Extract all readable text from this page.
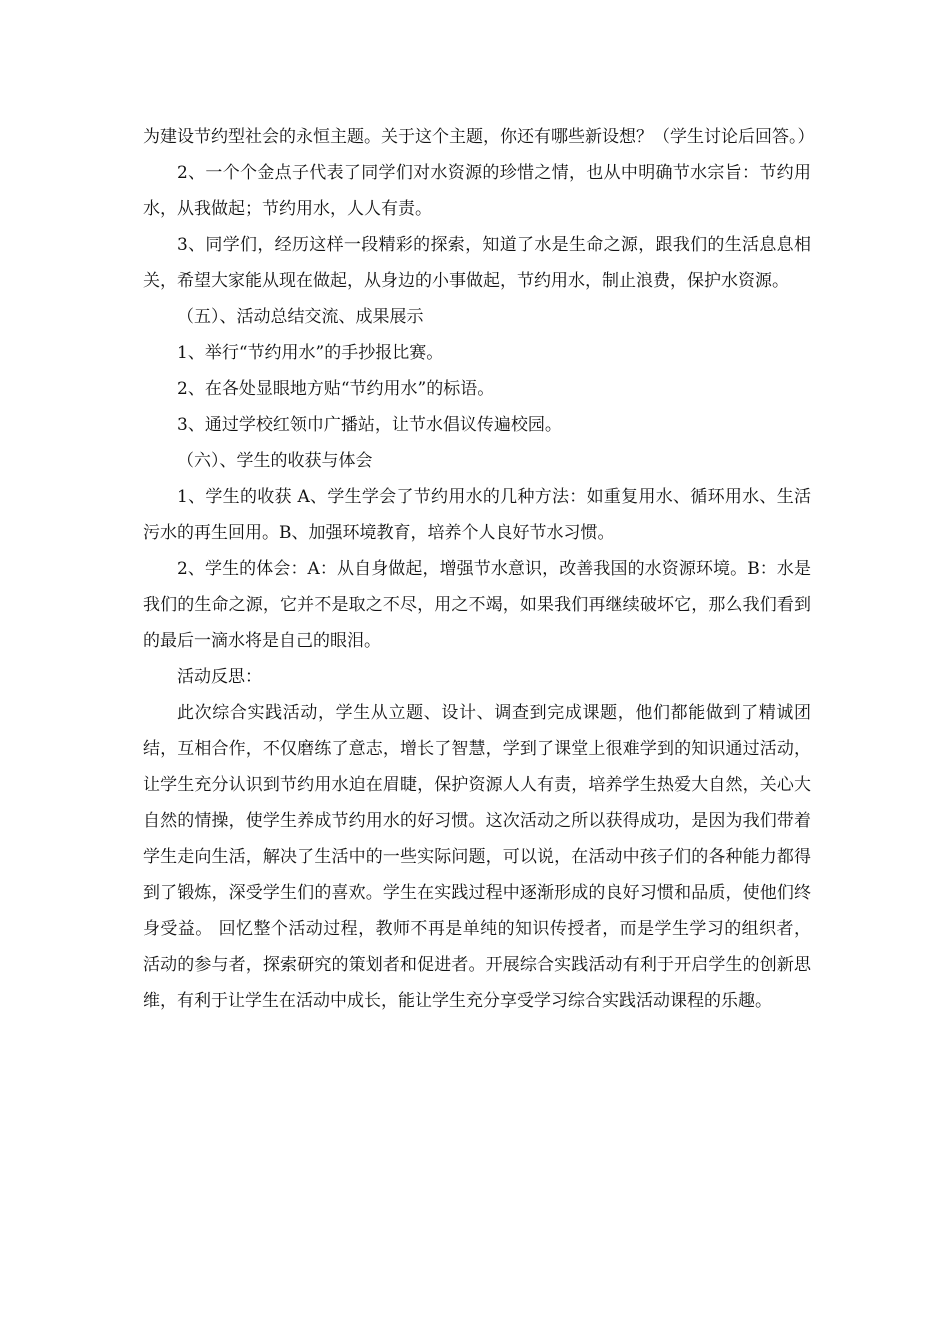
为建设节约型社会的永恒主题。关于这个主题，你还有哪些新设想？（学生讨论后回答。）

2、一个个金点子代表了同学们对水资源的珍惜之情，也从中明确节水宗旨：节约用水，从我做起；节约用水，人人有责。

3、同学们，经历这样一段精彩的探索，知道了水是生命之源，跟我们的生活息息相关，希望大家能从现在做起，从身边的小事做起，节约用水，制止浪费，保护水资源。

（五）、活动总结交流、成果展示

1、举行“节约用水”的手抄报比赛。

2、在各处显眼地方贴“节约用水”的标语。

3、通过学校红领巾广播站，让节水倡议传遍校园。

（六）、学生的收获与体会

1、学生的收获 A、学生学会了节约用水的几种方法：如重复用水、循环用水、生活污水的再生回用。B、加强环境教育，培养个人良好节水习惯。

2、学生的体会：A：从自身做起，增强节水意识，改善我国的水资源环境。B：水是我们的生命之源，它并不是取之不尽，用之不竭，如果我们再继续破坏它，那么我们看到的最后一滴水将是自己的眼泪。

活动反思：

此次综合实践活动，学生从立题、设计、调查到完成课题，他们都能做到了精诚团结，互相合作，不仅磨练了意志，增长了智慧，学到了课堂上很难学到的知识通过活动，让学生充分认识到节约用水迫在眉睫，保护资源人人有责，培养学生热爱大自然，关心大自然的情操，使学生养成节约用水的好习惯。这次活动之所以获得成功，是因为我们带着学生走向生活，解决了生活中的一些实际问题，可以说，在活动中孩子们的各种能力都得到了锻炼，深受学生们的喜欢。学生在实践过程中逐渐形成的良好习惯和品质，使他们终身受益。 回忆整个活动过程，教师不再是单纯的知识传授者，而是学生学习的组织者，活动的参与者，探索研究的策划者和促进者。开展综合实践活动有利于开启学生的创新思维，有利于让学生在活动中成长，能让学生充分享受学习综合实践活动课程的乐趣。
